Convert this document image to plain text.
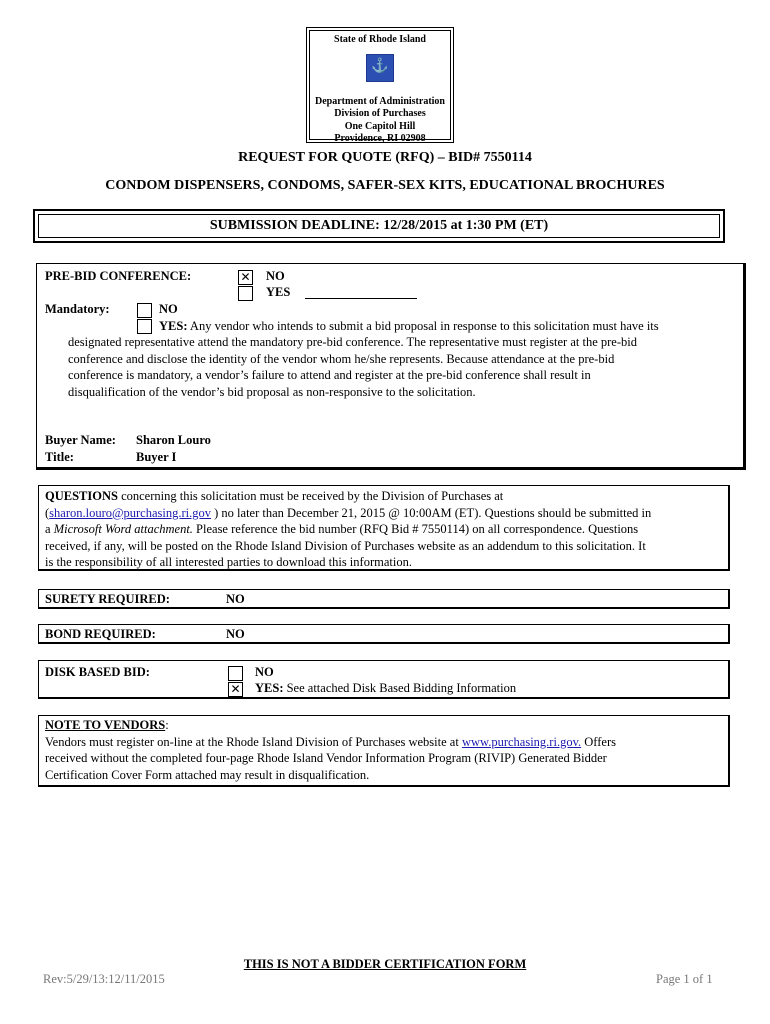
State of Rhode Island
⚓
Department of Administration
Division of Purchases
One Capitol Hill
Providence, RI 02908
REQUEST FOR QUOTE (RFQ) – BID# 7550114
CONDOM DISPENSERS, CONDOMS, SAFER-SEX KITS, EDUCATIONAL BROCHURES
SUBMISSION DEADLINE: 12/28/2015 at 1:30 PM (ET)
PRE-BID CONFERENCE:	✕ NO
YES
Mandatory:	NO
YES: Any vendor who intends to submit a bid proposal in response to this solicitation must have its
designated representative attend the mandatory pre-bid conference. The representative must register at the pre-bid
conference and disclose the identity of the vendor whom he/she represents. Because attendance at the pre-bid
conference is mandatory, a vendor’s failure to attend and register at the pre-bid conference shall result in
disqualification of the vendor’s bid proposal as non-responsive to the solicitation.
Buyer Name: Sharon Louro
Title:	Buyer I
QUESTIONS concerning this solicitation must be received by the Division of Purchases at
(sharon.louro@purchasing.ri.gov ) no later than December 21, 2015 @ 10:00AM (ET). Questions should be submitted in
a Microsoft Word attachment. Please reference the bid number (RFQ Bid # 7550114) on all correspondence. Questions
received, if any, will be posted on the Rhode Island Division of Purchases website as an addendum to this solicitation. It
is the responsibility of all interested parties to download this information.
SURETY REQUIRED:	NO
BOND REQUIRED:	NO
DISK BASED BID:	NO
✕ YES: See attached Disk Based Bidding Information
NOTE TO VENDORS:
Vendors must register on-line at the Rhode Island Division of Purchases website at www.purchasing.ri.gov. Offers
received without the completed four-page Rhode Island Vendor Information Program (RIVIP) Generated Bidder
Certification Cover Form attached may result in disqualification.
THIS IS NOT A BIDDER CERTIFICATION FORM
Rev:5/29/13:12/11/2015	Page 1 of 1
